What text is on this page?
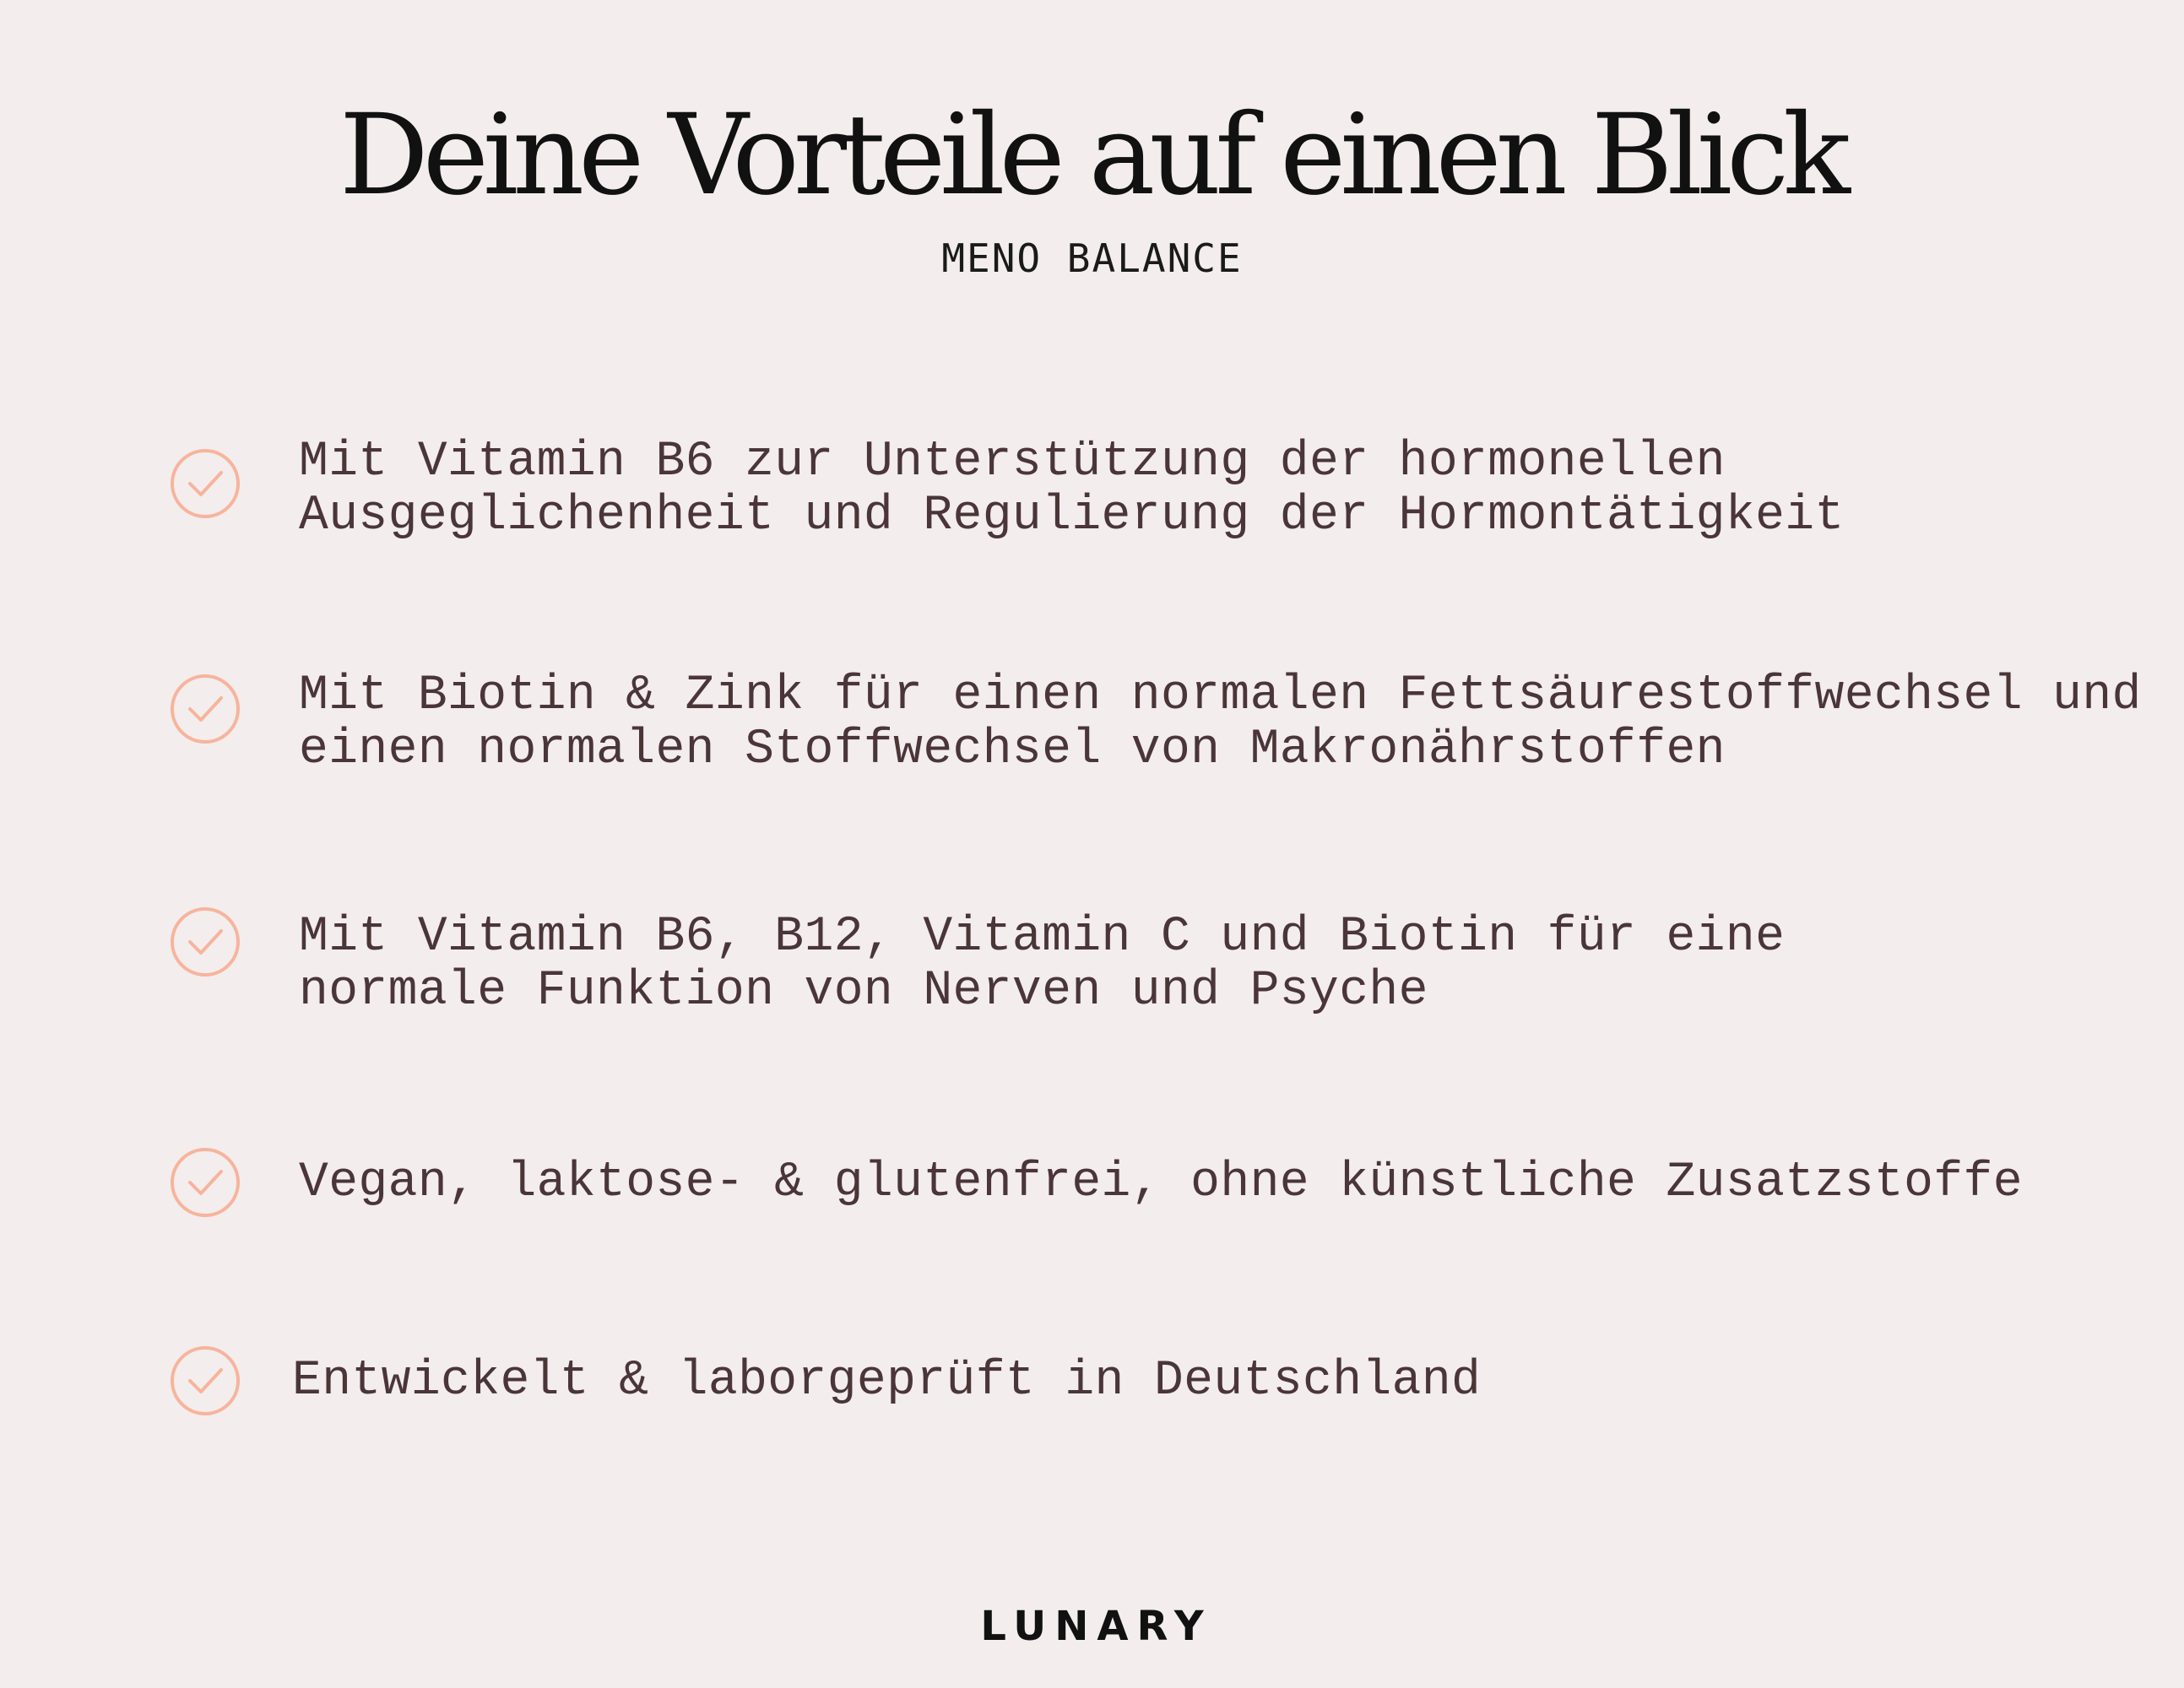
Deine Vorteile auf einen Blick
MENO BALANCE
Mit Vitamin B6 zur Unterstützung der hormonellen
Ausgeglichenheit und Regulierung der Hormontätigkeit
Mit Biotin & Zink für einen normalen Fettsäurestoffwechsel und
einen normalen Stoffwechsel von Makronährstoffen
Mit Vitamin B6, B12, Vitamin C und Biotin für eine
normale Funktion von Nerven und Psyche
Vegan, laktose- & glutenfrei, ohne künstliche Zusatzstoffe
Entwickelt & laborgeprüft in Deutschland
LUNARY
